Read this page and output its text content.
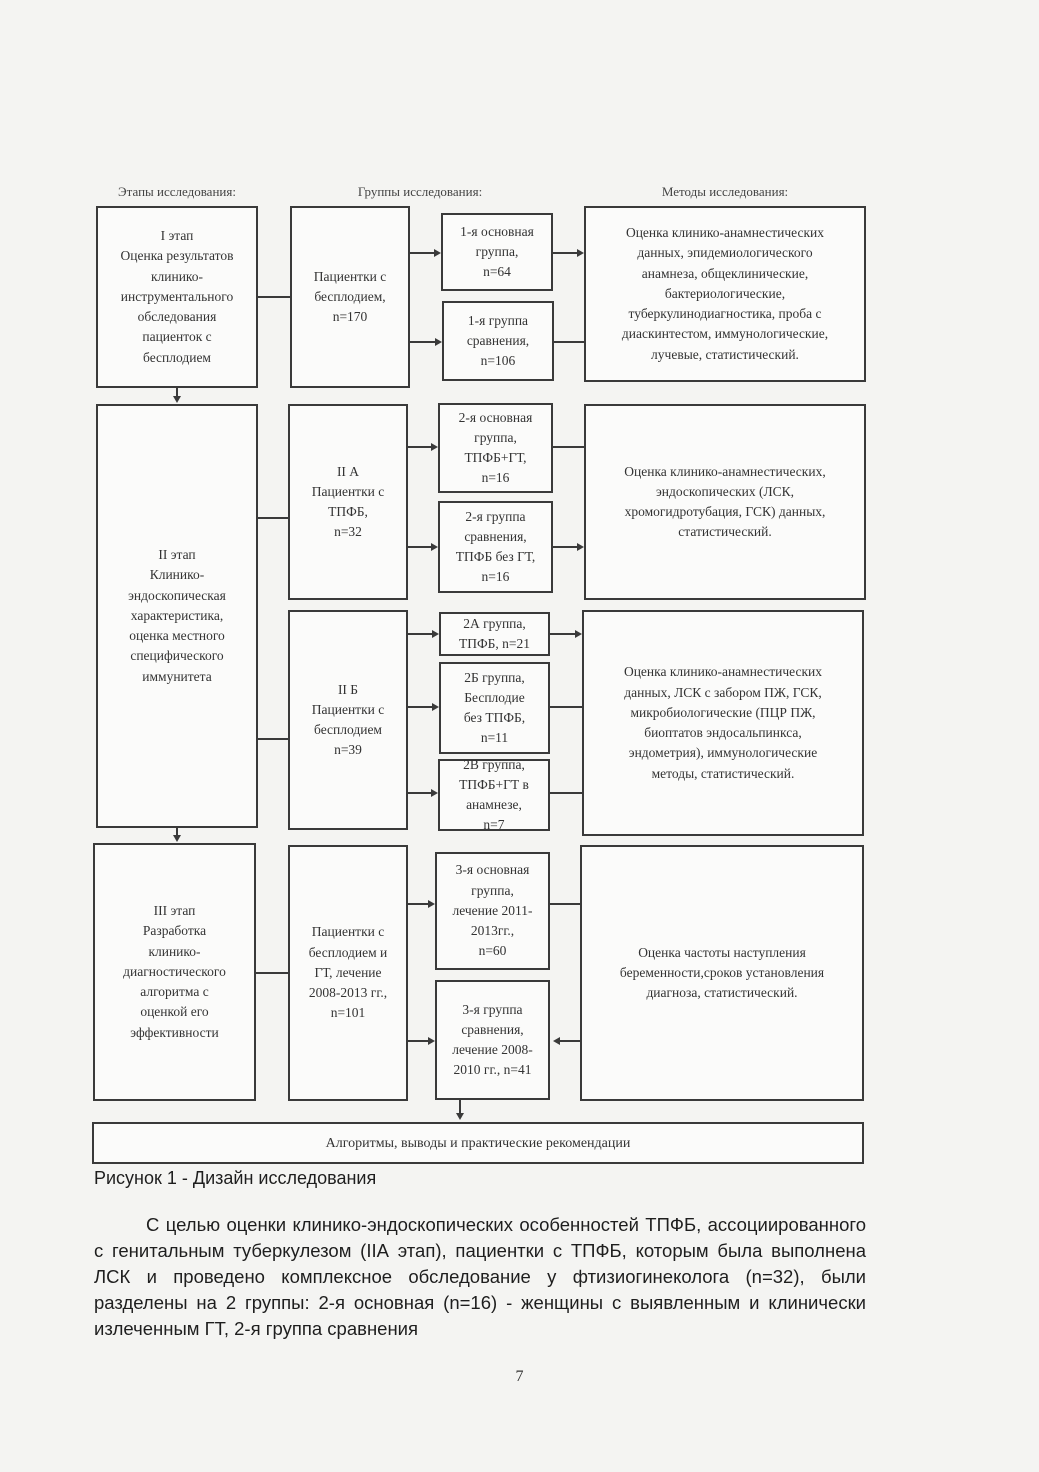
Этапы исследования:	Группы исследования:	Методы исследования:
I этап
Оценка результатов
клинико-
инструментального
обследования
пациенток с
бесплодием
II этап
Клинико-
эндоскопическая
характеристика,
оценка местного
специфического
иммунитета
III этап
Разработка
клинико-
диагностического
алгоритма с
оценкой его
эффективности
Пациентки с
бесплодием,
n=170
II А
Пациентки с
ТПФБ,
n=32
II Б
Пациентки с
бесплодием
n=39
Пациентки с
бесплодием и
ГТ, лечение
2008-2013 гг.,
n=101
1-я основная
группа,
n=64
1-я группа
сравнения,
n=106
2-я основная
группа,
ТПФБ+ГТ,
n=16
2-я группа
сравнения,
ТПФБ без ГТ,
n=16
2А группа,
ТПФБ, n=21
2Б группа,
Бесплодие
без ТПФБ,
n=11
2В группа,
ТПФБ+ГТ в
анамнезе,
n=7
3-я основная
группа,
лечение 2011-
2013гг.,
n=60
3-я группа
сравнения,
лечение 2008-
2010 гг., n=41
Оценка клинико-анамнестических
данных, эпидемиологического
анамнеза, общеклинические,
бактериологические,
туберкулинодиагностика, проба с
диаскинтестом, иммунологические,
лучевые, статистический.
Оценка клинико-анамнестических,
эндоскопических (ЛСК,
хромогидротубация, ГСК) данных,
статистический.
Оценка клинико-анамнестических
данных, ЛСК с забором ПЖ, ГСК,
микробиологические (ПЦР ПЖ,
биоптатов эндосальпинкса,
эндометрия), иммунологические
методы, статистический.
Оценка частоты наступления
беременности,сроков установления
диагноза, статистический.
Алгоритмы, выводы и практические рекомендации
Рисунок 1 - Дизайн исследования
С целью оценки клинико-эндоскопических особенностей ТПФБ, ассоциированного с генитальным туберкулезом (IIА этап), пациентки с ТПФБ, которым была выполнена ЛСК и проведено комплексное обследование у фтизиогинеколога (n=32), были разделены на 2 группы: 2-я основная (n=16) - женщины с выявленным и клинически излеченным ГТ, 2-я группа сравнения
7
